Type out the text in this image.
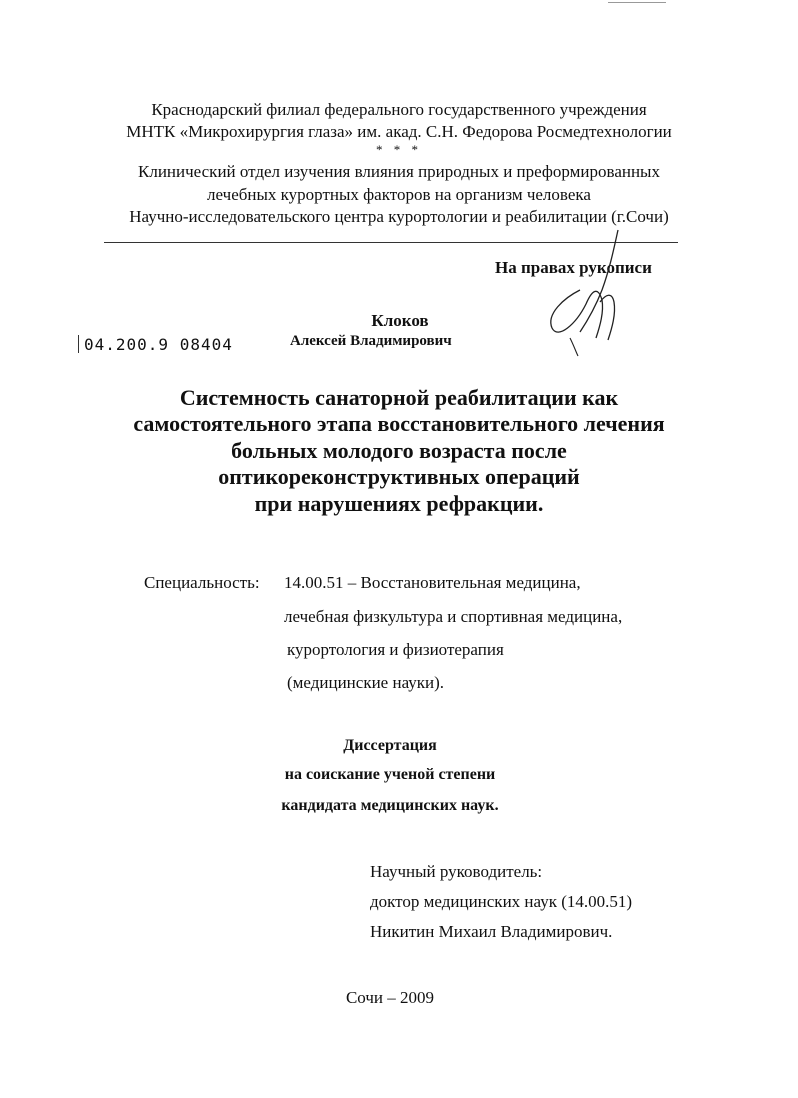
Краснодарский филиал федерального государственного учреждения
МНТК «Микрохирургия глаза» им. акад. С.Н. Федорова Росмедтехнологии
* * *
Клинический отдел изучения влияния природных и преформированных
лечебных курортных факторов на организм человека
Научно-исследовательского центра курортологии и реабилитации (г.Сочи)
На правах рукописи
Клоков
Алексей Владимирович
04.200.9 08404
Системность санаторной реабилитации как
самостоятельного этапа восстановительного лечения
больных молодого возраста после
оптикореконструктивных операций
при нарушениях рефракции.
Специальность: 14.00.51 – Восстановительная медицина,
лечебная физкультура и спортивная медицина,
курортология и физиотерапия
(медицинские науки).
Диссертация
на соискание ученой степени
кандидата медицинских наук.
Научный руководитель:
доктор медицинских наук (14.00.51)
Никитин Михаил Владимирович.
Сочи – 2009
